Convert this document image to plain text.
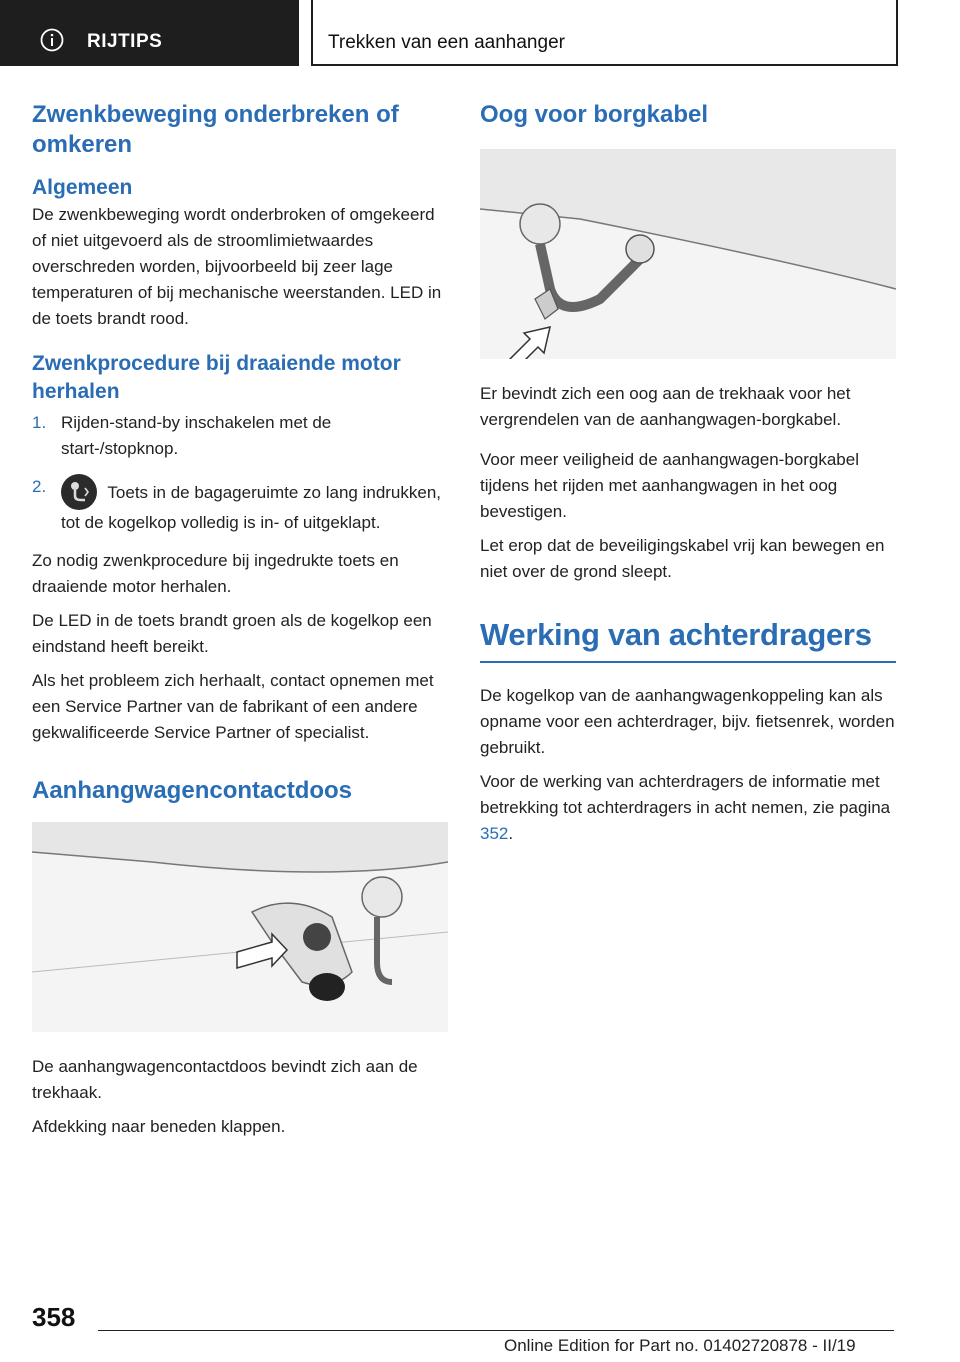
RIJTIPS	Trekken van een aanhanger
Zwenkbeweging onderbreken of omkeren
Algemeen

De zwenkbeweging wordt onderbroken of omgekeerd of niet uitgevoerd als de stroomlimietwaardes overschreden worden, bijvoorbeeld bij zeer lage temperaturen of bij mechanische weerstanden. LED in de toets brandt rood.

Zwenkprocedure bij draaiende motor herhalen
1. Rijden-stand-by inschakelen met de start-/stopknop.
2.	Toets in de bagageruimte zo lang indrukken, tot de kogelkop volledig is in- of uitgeklapt.

Zo nodig zwenkprocedure bij ingedrukte toets en draaiende motor herhalen.

De LED in de toets brandt groen als de kogelkop een eindstand heeft bereikt.

Als het probleem zich herhaalt, contact opnemen met een Service Partner van de fabrikant of een andere gekwalificeerde Service Partner of specialist.

Aanhangwagencontactdoos

De aanhangwagencontactdoos bevindt zich aan de trekhaak.

Afdekking naar beneden klappen.

Oog voor borgkabel

Er bevindt zich een oog aan de trekhaak voor het vergrendelen van de aanhangwagen-borgkabel.

Voor meer veiligheid de aanhangwagen-borgkabel tijdens het rijden met aanhangwagen in het oog bevestigen.

Let erop dat de beveiligingskabel vrij kan bewegen en niet over de grond sleept.

Werking van achterdragers

De kogelkop van de aanhangwagenkoppeling kan als opname voor een achterdrager, bijv. fietsenrek, worden gebruikt.

Voor de werking van achterdragers de informatie met betrekking tot achterdragers in acht nemen, zie pagina 352.

358
Online Edition for Part no. 01402720878 - II/19
